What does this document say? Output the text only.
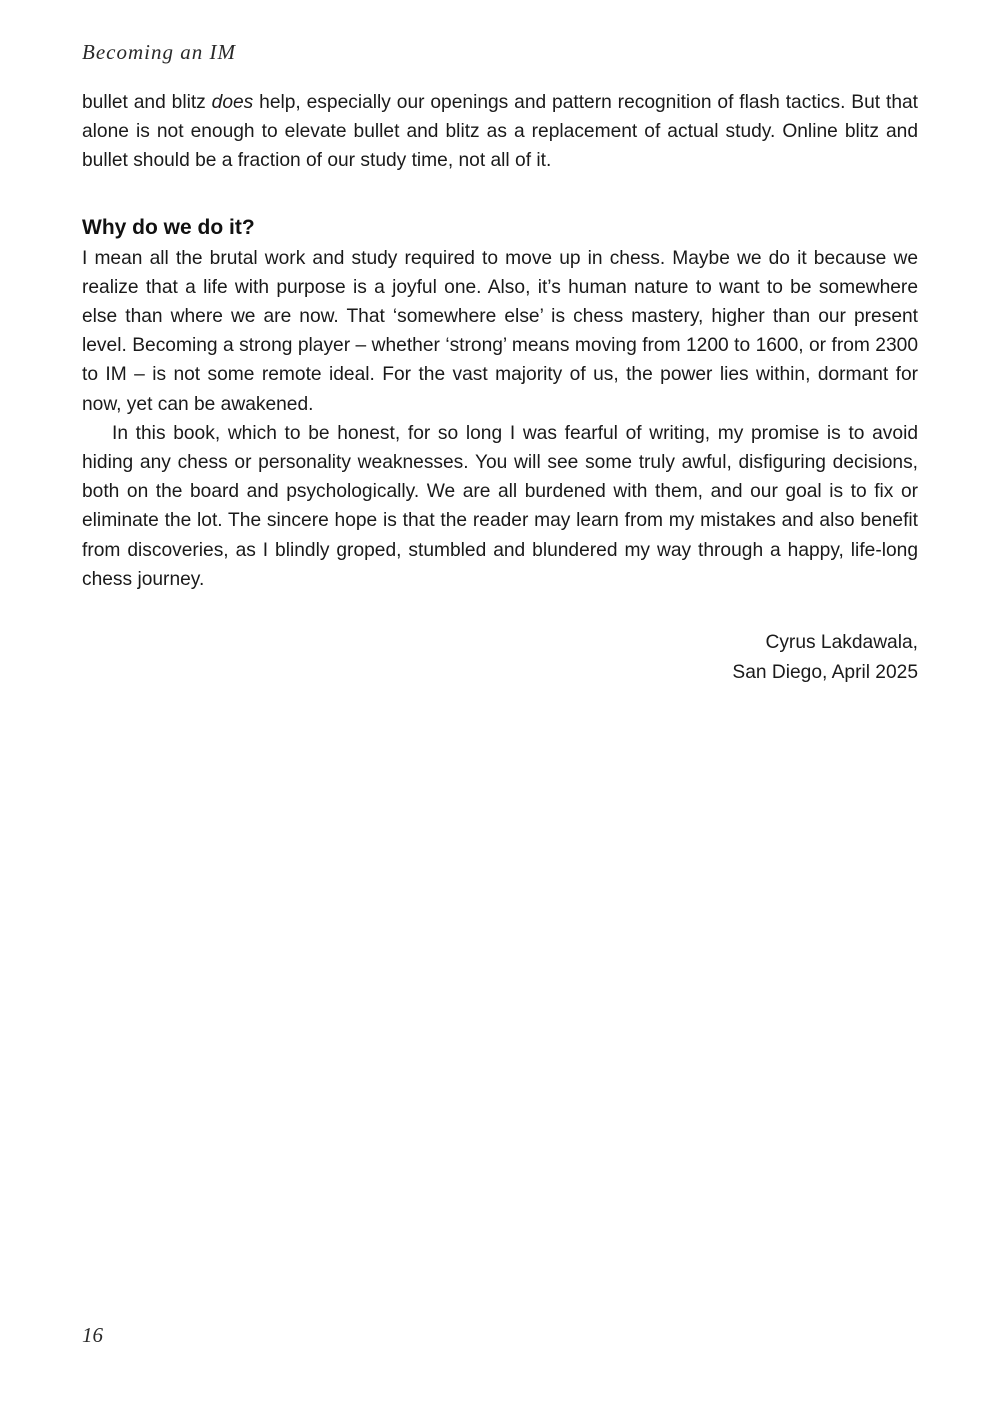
Becoming an IM

bullet and blitz does help, especially our openings and pattern recognition of flash tactics. But that alone is not enough to elevate bullet and blitz as a replacement of actual study. Online blitz and bullet should be a fraction of our study time, not all of it.

Why do we do it?

I mean all the brutal work and study required to move up in chess. Maybe we do it because we realize that a life with purpose is a joyful one. Also, it’s human nature to want to be somewhere else than where we are now. That ‘somewhere else’ is chess mastery, higher than our present level. Becoming a strong player – whether ‘strong’ means moving from 1200 to 1600, or from 2300 to IM – is not some remote ideal. For the vast majority of us, the power lies within, dormant for now, yet can be awakened.

In this book, which to be honest, for so long I was fearful of writing, my promise is to avoid hiding any chess or personality weaknesses. You will see some truly awful, disfiguring decisions, both on the board and psychologically. We are all burdened with them, and our goal is to fix or eliminate the lot. The sincere hope is that the reader may learn from my mistakes and also benefit from discoveries, as I blindly groped, stumbled and blundered my way through a happy, life-long chess journey.

Cyrus Lakdawala,
San Diego, April 2025
16
